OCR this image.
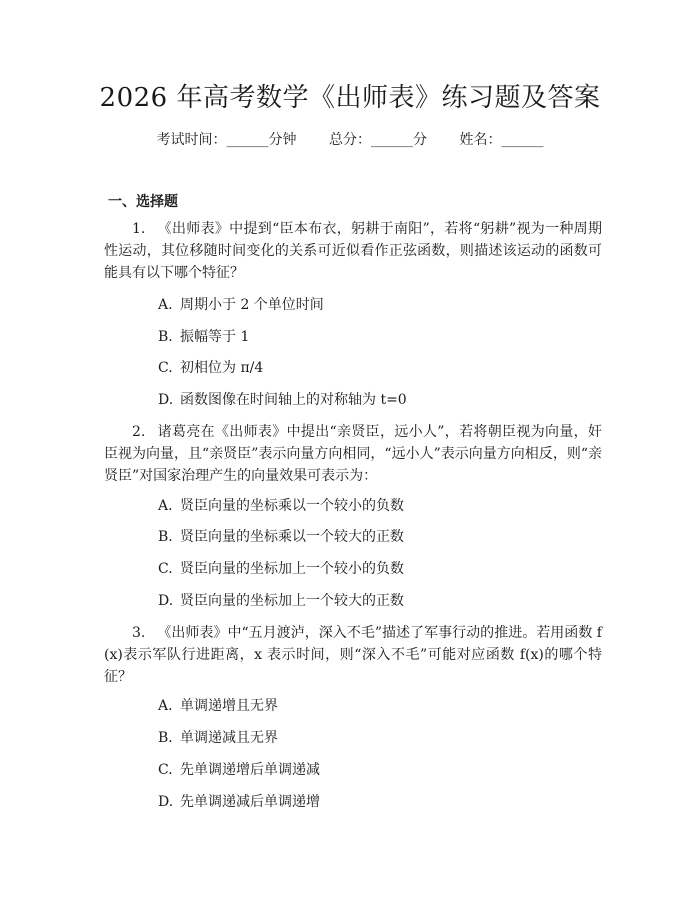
2026 年高考数学《出师表》练习题及答案
考试时间：______分钟 总分：______分 姓名：______
一、选择题
1. 《出师表》中提到“臣本布衣，躬耕于南阳”，若将“躬耕”视为一种周期性运动，其位移随时间变化的关系可近似看作正弦函数，则描述该运动的函数可能具有以下哪个特征？
A. 周期小于 2 个单位时间
B. 振幅等于 1
C. 初相位为 π/4
D. 函数图像在时间轴上的对称轴为 t=0
2. 诸葛亮在《出师表》中提出“亲贤臣，远小人”，若将朝臣视为向量，奸臣视为向量，且“亲贤臣”表示向量方向相同，“远小人”表示向量方向相反，则“亲贤臣”对国家治理产生的向量效果可表示为：
A. 贤臣向量的坐标乘以一个较小的负数
B. 贤臣向量的坐标乘以一个较大的正数
C. 贤臣向量的坐标加上一个较小的负数
D. 贤臣向量的坐标加上一个较大的正数
3. 《出师表》中“五月渡泸，深入不毛”描述了军事行动的推进。若用函数 f(x)表示军队行进距离，x 表示时间，则“深入不毛”可能对应函数 f(x)的哪个特征？
A. 单调递增且无界
B. 单调递减且无界
C. 先单调递增后单调递减
D. 先单调递减后单调递增
